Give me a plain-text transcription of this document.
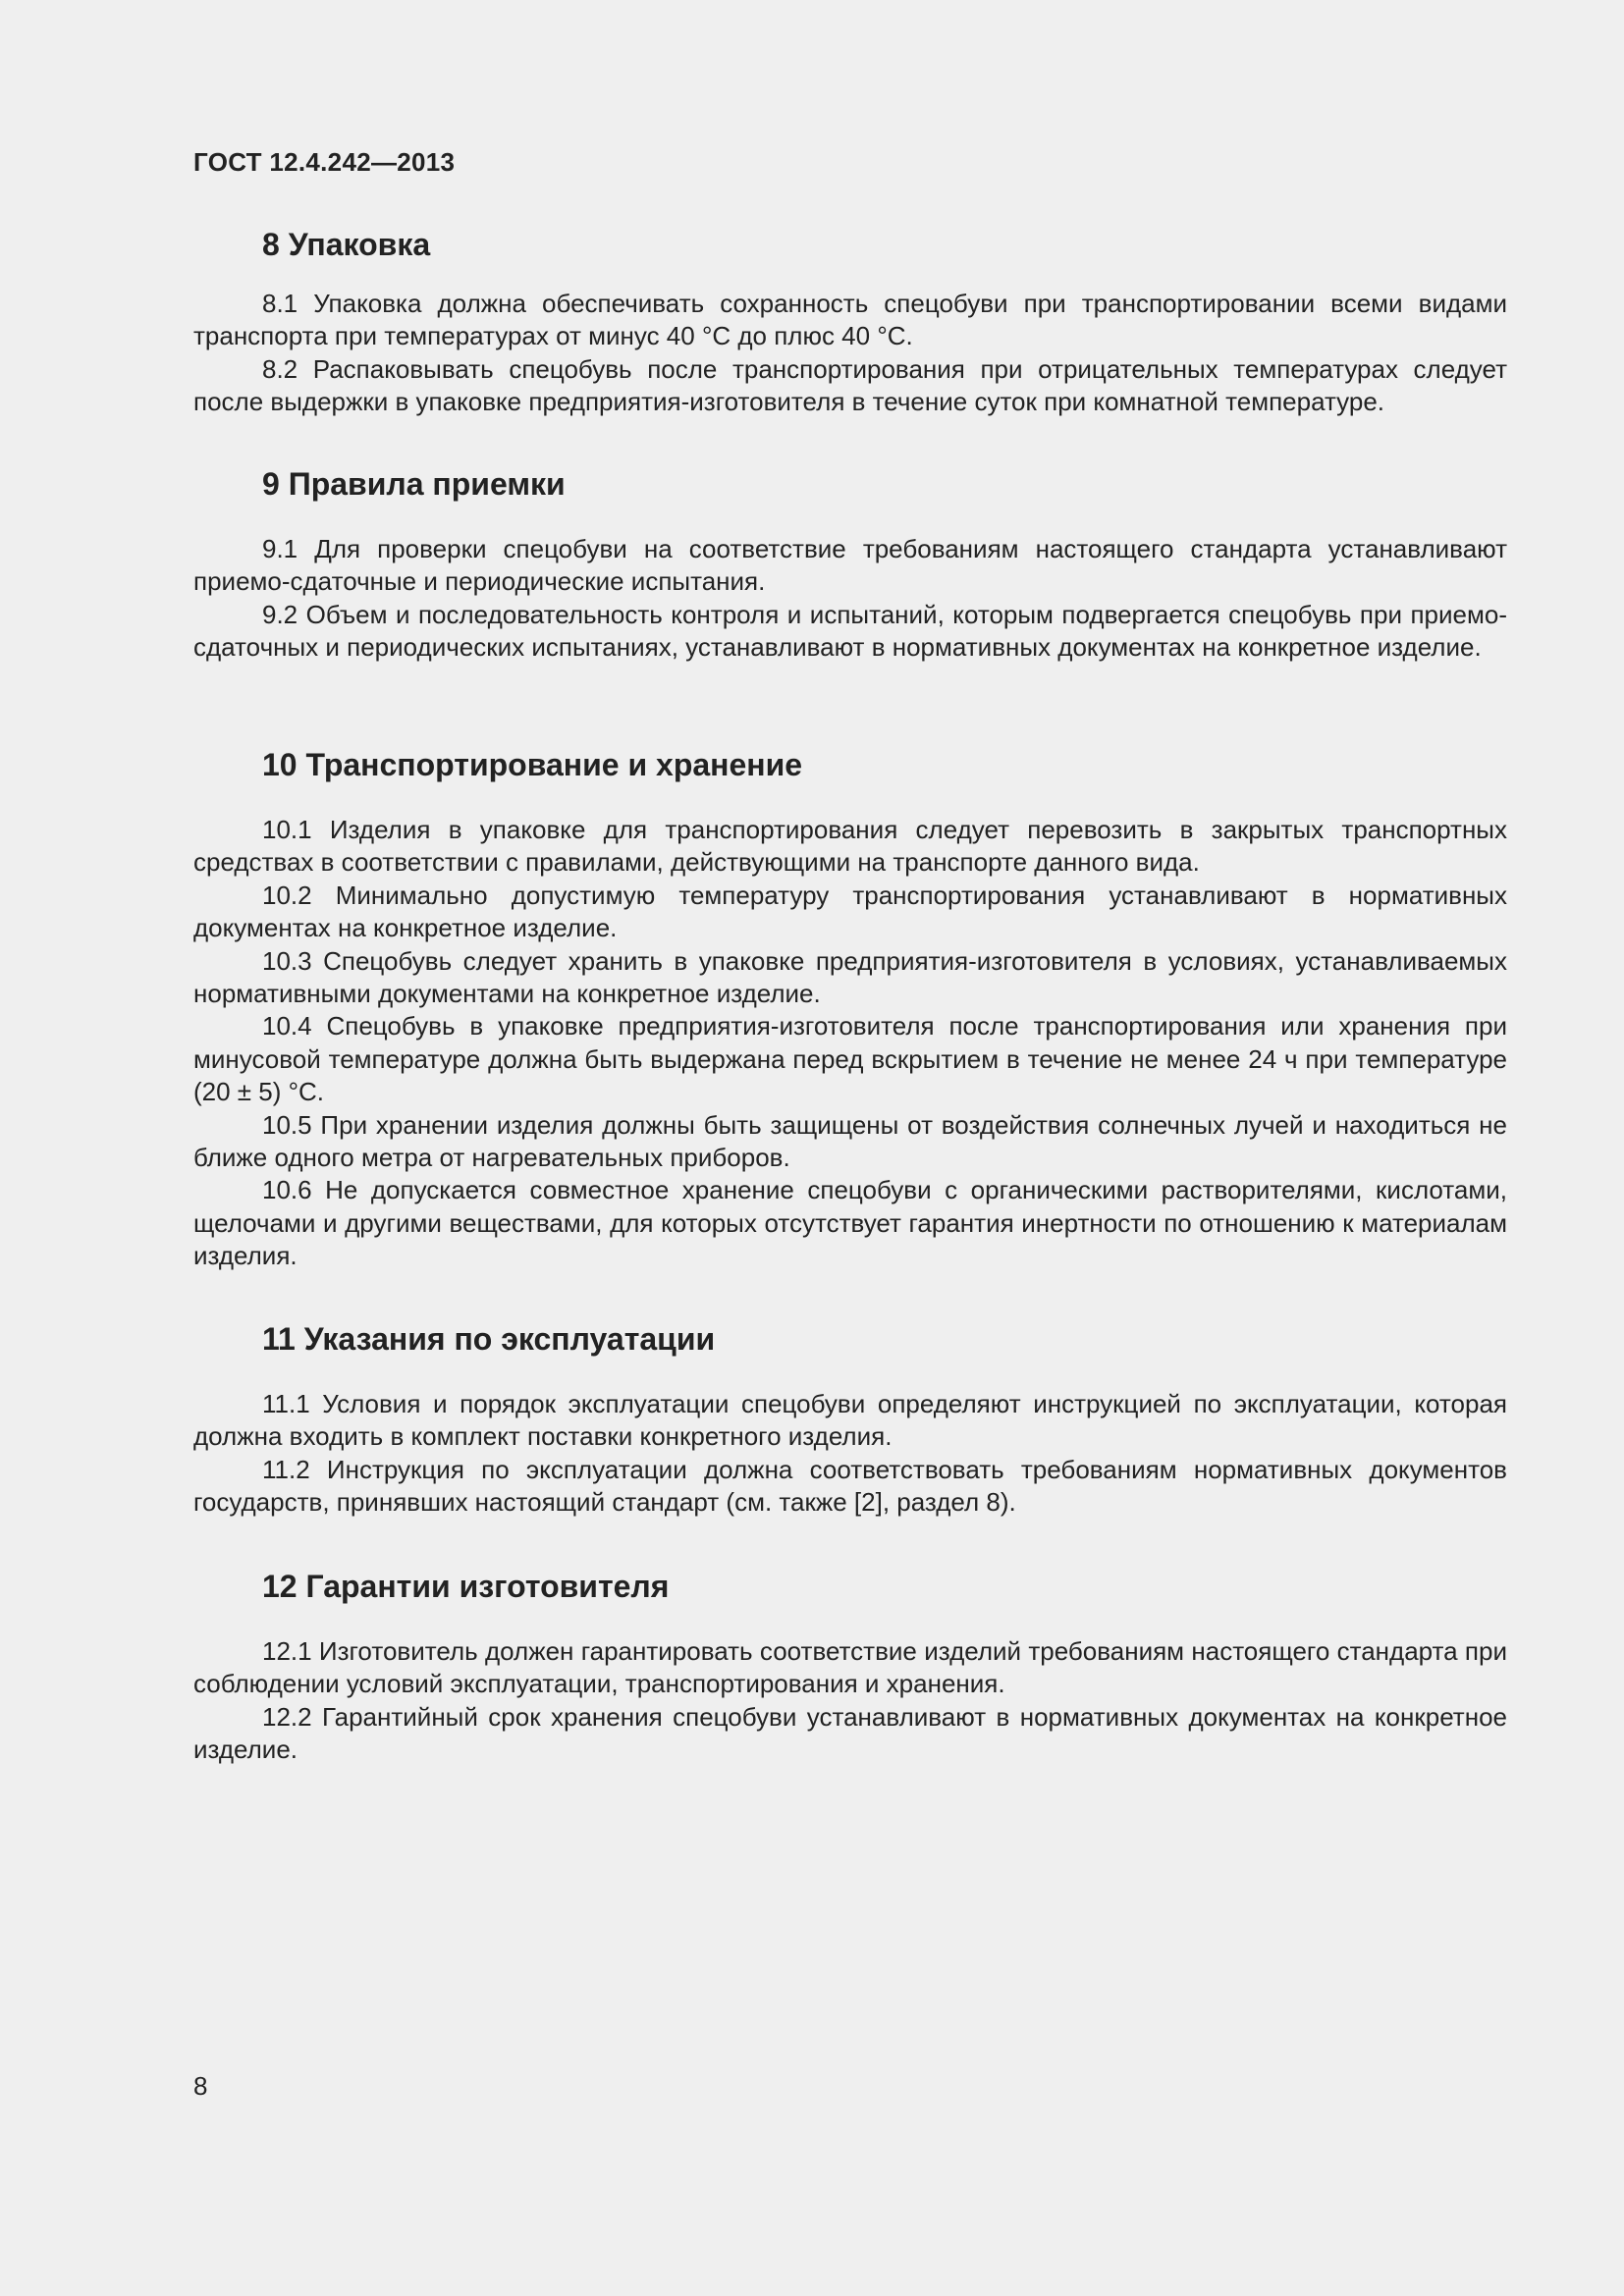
ГОСТ 12.4.242—2013
8 Упаковка

8.1 Упаковка должна обеспечивать сохранность спецобуви при транспортировании всеми видами транспорта при температурах от минус 40 °С до плюс 40 °С.

8.2 Распаковывать спецобувь после транспортирования при отрицательных температурах следует после выдержки в упаковке предприятия-изготовителя в течение суток при комнатной температуре.

9 Правила приемки

9.1 Для проверки спецобуви на соответствие требованиям настоящего стандарта устанавливают приемо-сдаточные и периодические испытания.

9.2 Объем и последовательность контроля и испытаний, которым подвергается спецобувь при приемо-сдаточных и периодических испытаниях, устанавливают в нормативных документах на конкретное изделие.

10 Транспортирование и хранение

10.1 Изделия в упаковке для транспортирования следует перевозить в закрытых транспортных средствах в соответствии с правилами, действующими на транспорте данного вида.

10.2 Минимально допустимую температуру транспортирования устанавливают в нормативных документах на конкретное изделие.

10.3 Спецобувь следует хранить в упаковке предприятия-изготовителя в условиях, устанавливаемых нормативными документами на конкретное изделие.

10.4 Спецобувь в упаковке предприятия-изготовителя после транспортирования или хранения при минусовой температуре должна быть выдержана перед вскрытием в течение не менее 24 ч при температуре (20 ± 5) °С.

10.5 При хранении изделия должны быть защищены от воздействия солнечных лучей и находиться не ближе одного метра от нагревательных приборов.

10.6 Не допускается совместное хранение спецобуви с органическими растворителями, кислотами, щелочами и другими веществами, для которых отсутствует гарантия инертности по отношению к материалам изделия.

11 Указания по эксплуатации

11.1 Условия и порядок эксплуатации спецобуви определяют инструкцией по эксплуатации, которая должна входить в комплект поставки конкретного изделия.

11.2 Инструкция по эксплуатации должна соответствовать требованиям нормативных документов государств, принявших настоящий стандарт (см. также [2], раздел 8).

12 Гарантии изготовителя

12.1 Изготовитель должен гарантировать соответствие изделий требованиям настоящего стандарта при соблюдении условий эксплуатации, транспортирования и хранения.

12.2 Гарантийный срок хранения спецобуви устанавливают в нормативных документах на конкретное изделие.

8
